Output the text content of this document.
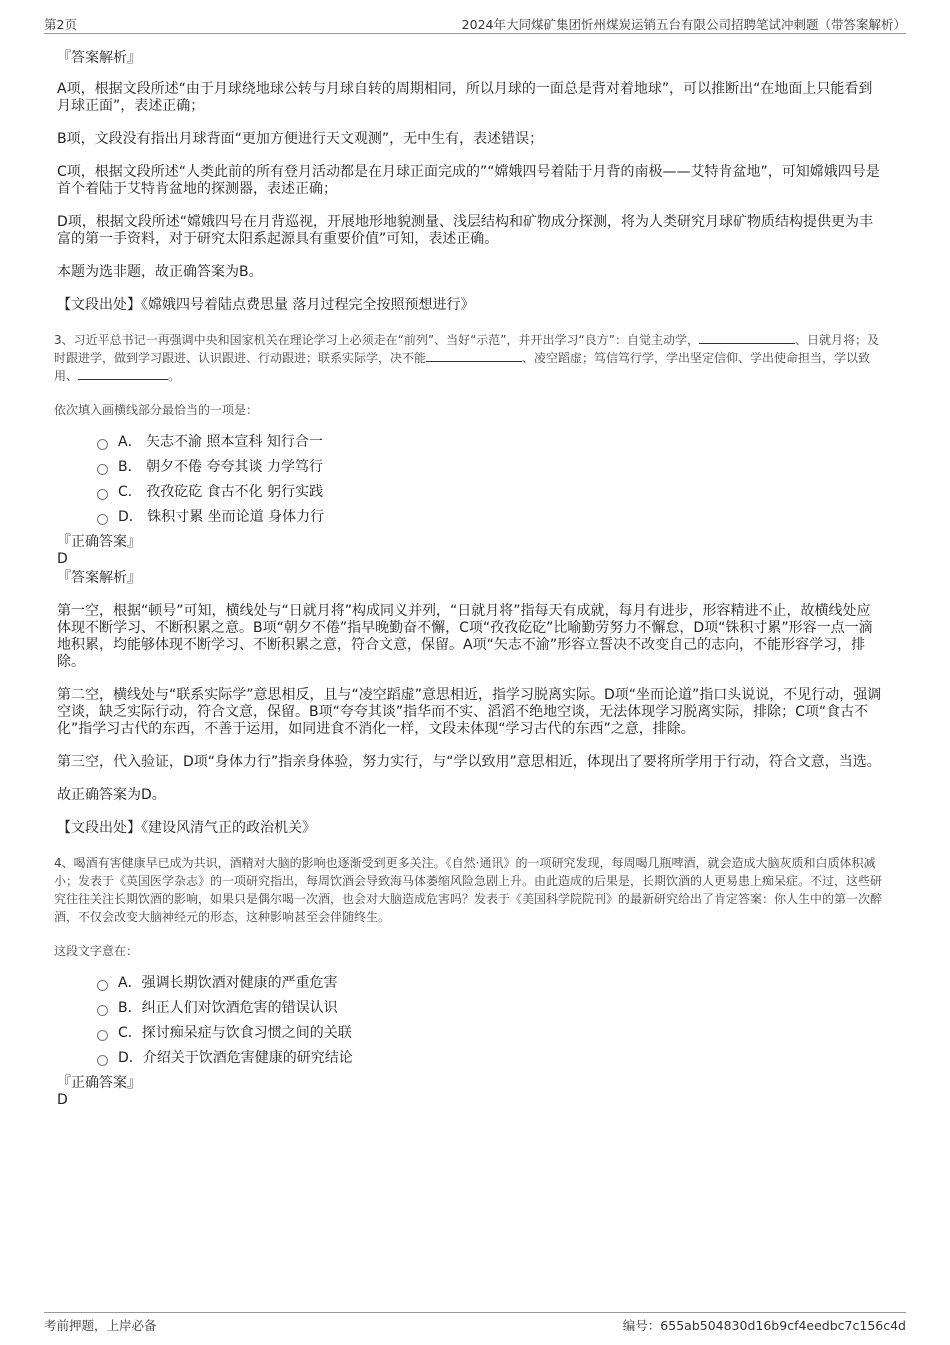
第2页	2024年大同煤矿集团忻州煤炭运销五台有限公司招聘笔试冲刺题（带答案解析）

『答案解析』

A项，根据文段所述“由于月球绕地球公转与月球自转的周期相同，所以月球的一面总是背对着地球”，可以推断出“在地面上只能看到月球正面”，表述正确；

B项，文段没有指出月球背面“更加方便进行天文观测”，无中生有，表述错误；

C项，根据文段所述“人类此前的所有登月活动都是在月球正面完成的”“嫦娥四号着陆于月背的南极——艾特肯盆地”，可知嫦娥四号是首个着陆于艾特肯盆地的探测器，表述正确；

D项，根据文段所述“嫦娥四号在月背巡视，开展地形地貌测量、浅层结构和矿物成分探测，将为人类研究月球矿物质结构提供更为丰富的第一手资料，对于研究太阳系起源具有重要价值”可知，表述正确。

本题为选非题，故正确答案为B。

【文段出处】《嫦娥四号着陆点费思量 落月过程完全按照预想进行》

3、习近平总书记一再强调中央和国家机关在理论学习上必须走在“前列”、当好“示范”，并开出学习“良方”：自觉主动学，	、日就月将；及时跟进学，做到学习跟进、认识跟进、行动跟进；联系实际学，决不能	、凌空蹈虚；笃信笃行学，学出坚定信仰、学出使命担当，学以致用、	。

依次填入画横线部分最恰当的一项是：

A． 矢志不渝 照本宣科 知行合一
B． 朝夕不倦 夸夸其谈 力学笃行
C． 孜孜矻矻 食古不化 躬行实践
D． 铢积寸累 坐而论道 身体力行

『正确答案』

D

『答案解析』

第一空，根据“顿号”可知，横线处与“日就月将”构成同义并列，“日就月将”指每天有成就，每月有进步，形容精进不止，故横线处应体现不断学习、不断积累之意。B项“朝夕不倦”指早晚勤奋不懈，C项“孜孜矻矻”比喻勤劳努力不懈怠，D项“铢积寸累”形容一点一滴地积累，均能够体现不断学习、不断积累之意，符合文意，保留。A项“矢志不渝”形容立誓决不改变自己的志向，不能形容学习，排除。

第二空，横线处与“联系实际学”意思相反，且与“凌空蹈虚”意思相近，指学习脱离实际。D项“坐而论道”指口头说说，不见行动，强调空谈，缺乏实际行动，符合文意，保留。B项“夸夸其谈”指华而不实、滔滔不绝地空谈，无法体现学习脱离实际，排除；C项“食古不化”指学习古代的东西，不善于运用，如同进食不消化一样，文段未体现“学习古代的东西”之意，排除。

第三空，代入验证，D项“身体力行”指亲身体验，努力实行，与“学以致用”意思相近，体现出了要将所学用于行动，符合文意，当选。

故正确答案为D。

【文段出处】《建设风清气正的政治机关》

4、喝酒有害健康早已成为共识，酒精对大脑的影响也逐渐受到更多关注。《自然·通讯》的一项研究发现，每周喝几瓶啤酒，就会造成大脑灰质和白质体积减小；发表于《英国医学杂志》的一项研究指出，每周饮酒会导致海马体萎缩风险急剧上升。由此造成的后果是，长期饮酒的人更易患上痴呆症。不过，这些研究往往关注长期饮酒的影响，如果只是偶尔喝一次酒，也会对大脑造成危害吗？发表于《美国科学院院刊》的最新研究给出了肯定答案：你人生中的第一次醉酒，不仅会改变大脑神经元的形态，这种影响甚至会伴随终生。

这段文字意在：

A．强调长期饮酒对健康的严重危害
B．纠正人们对饮酒危害的错误认识
C．探讨痴呆症与饮食习惯之间的关联
D．介绍关于饮酒危害健康的研究结论

『正确答案』

D

考前押题，上岸必备	编号：655ab504830d16b9cf4eedbc7c156c4d
